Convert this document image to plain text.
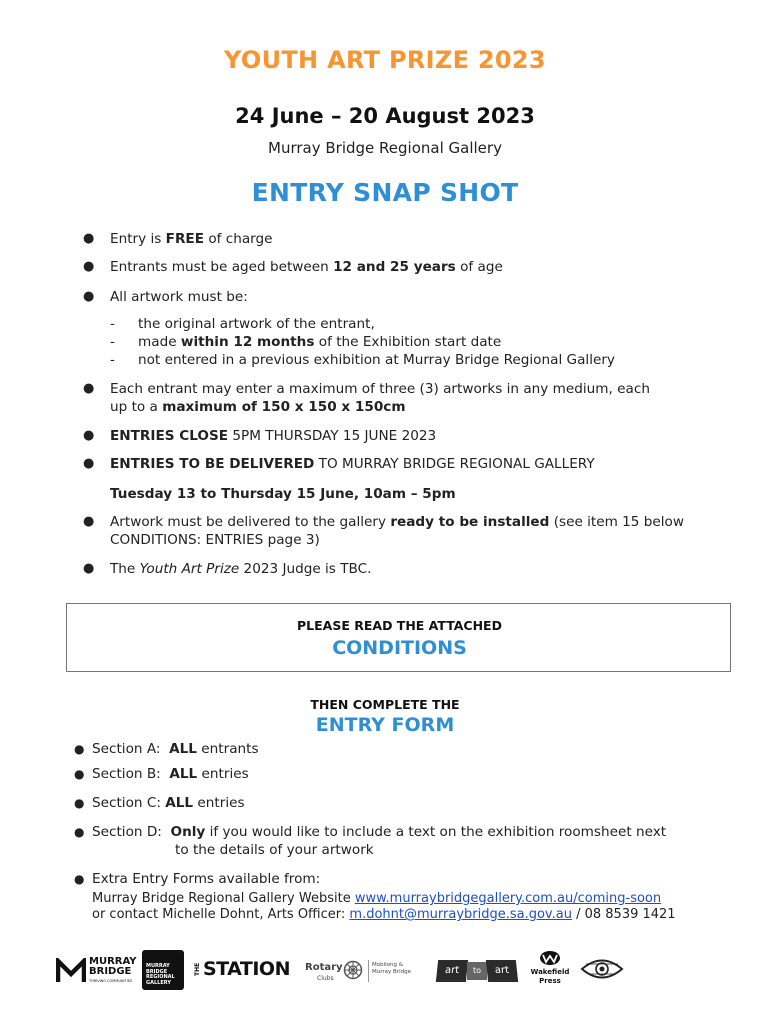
YOUTH ART PRIZE 2023
24 June – 20 August 2023
Murray Bridge Regional Gallery
ENTRY SNAP SHOT
● Entry is FREE of charge
● Entrants must be aged between 12 and 25 years of age
● All artwork must be:
- the original artwork of the entrant,
- made within 12 months of the Exhibition start date
- not entered in a previous exhibition at Murray Bridge Regional Gallery
● Each entrant may enter a maximum of three (3) artworks in any medium, each
up to a maximum of 150 x 150 x 150cm
● ENTRIES CLOSE 5PM THURSDAY 15 JUNE 2023
● ENTRIES TO BE DELIVERED TO MURRAY BRIDGE REGIONAL GALLERY
Tuesday 13 to Thursday 15 June, 10am – 5pm
● Artwork must be delivered to the gallery ready to be installed (see item 15 below
CONDITIONS: ENTRIES page 3)
● The Youth Art Prize 2023 Judge is TBC.
PLEASE READ THE ATTACHED
CONDITIONS
THEN COMPLETE THE
ENTRY FORM
● Section A:  ALL entrants
● Section B:  ALL entries
● Section C: ALL entries
● Section D:  Only if you would like to include a text on the exhibition roomsheet next
to the details of your artwork
● Extra Entry Forms available from:
Murray Bridge Regional Gallery Website www.murraybridgegallery.com.au/coming-soon
or contact Michelle Dohnt, Arts Officer: m.dohnt@murraybridge.sa.gov.au / 08 8539 1421
MURRAY
BRIDGE
THRIVING COMMUNITIES
MURRAY
BRIDGE
REGIONAL
GALLERY
THE STATION Rotary
Clubs
Mobilong &
Murray Bridge	art	to	art	Wakefield
Press
